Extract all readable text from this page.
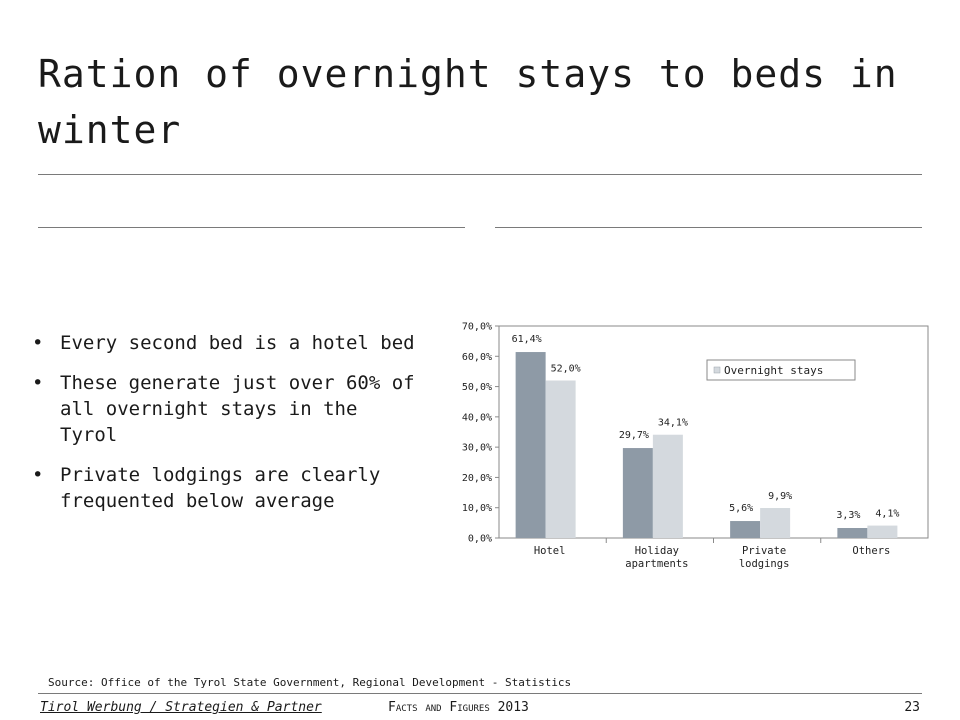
Ration of overnight stays to beds in winter
• Every second bed is a hotel bed
• These generate just over 60% of all overnight stays in the Tyrol
• Private lodgings are clearly frequented below average
0,0%
10,0%
20,0%
30,0%
40,0%
50,0%
60,0%
70,0%
61,4%
52,0%
Hotel
29,7%
34,1%
Holiday apartments
5,6%
9,9%
Private lodgings
3,3% 4,1%
Others
Overnight stays
Source: Office of the Tyrol State Government, Regional Development - Statistics
Tirol Werbung / Strategien & Partner	Facts and Figures 2013	23
